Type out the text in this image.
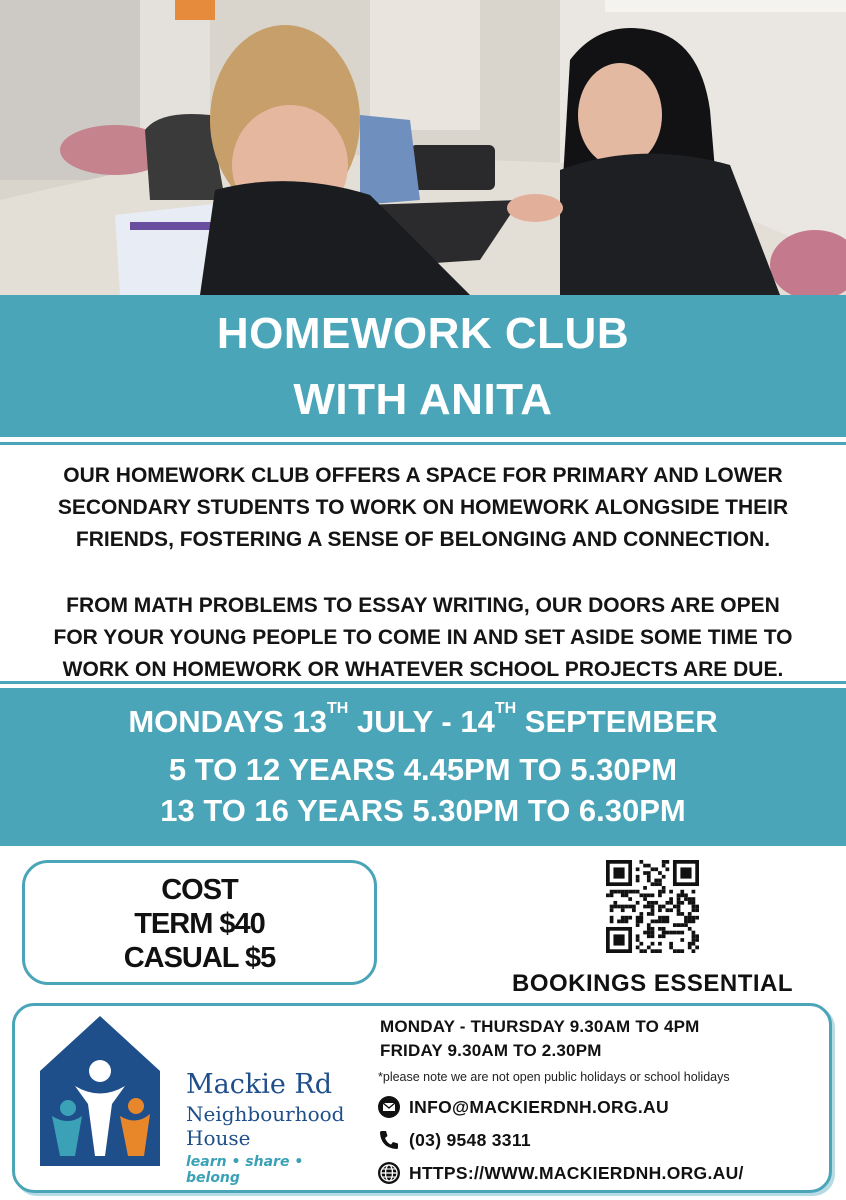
HOMEWORK CLUB
WITH ANITA
OUR HOMEWORK CLUB OFFERS A SPACE FOR PRIMARY AND LOWER
SECONDARY STUDENTS TO WORK ON HOMEWORK ALONGSIDE THEIR
FRIENDS, FOSTERING A SENSE OF BELONGING AND CONNECTION.
FROM MATH PROBLEMS TO ESSAY WRITING, OUR DOORS ARE OPEN
FOR YOUR YOUNG PEOPLE TO COME IN AND SET ASIDE SOME TIME TO
WORK ON HOMEWORK OR WHATEVER SCHOOL PROJECTS ARE DUE.
MONDAYS 13TH JULY - 14TH SEPTEMBER
5 TO 12 YEARS 4.45PM TO 5.30PM
13 TO 16 YEARS 5.30PM TO 6.30PM
COST
TERM $40
CASUAL $5
BOOKINGS ESSENTIAL
Mackie Rd
Neighbourhood
House
learn • share • belong
MONDAY - THURSDAY 9.30AM TO 4PM
FRIDAY 9.30AM TO 2.30PM
*please note we are not open public holidays or school holidays
INFO@MACKIERDNH.ORG.AU
(03) 9548 3311
HTTPS://WWW.MACKIERDNH.ORG.AU/
